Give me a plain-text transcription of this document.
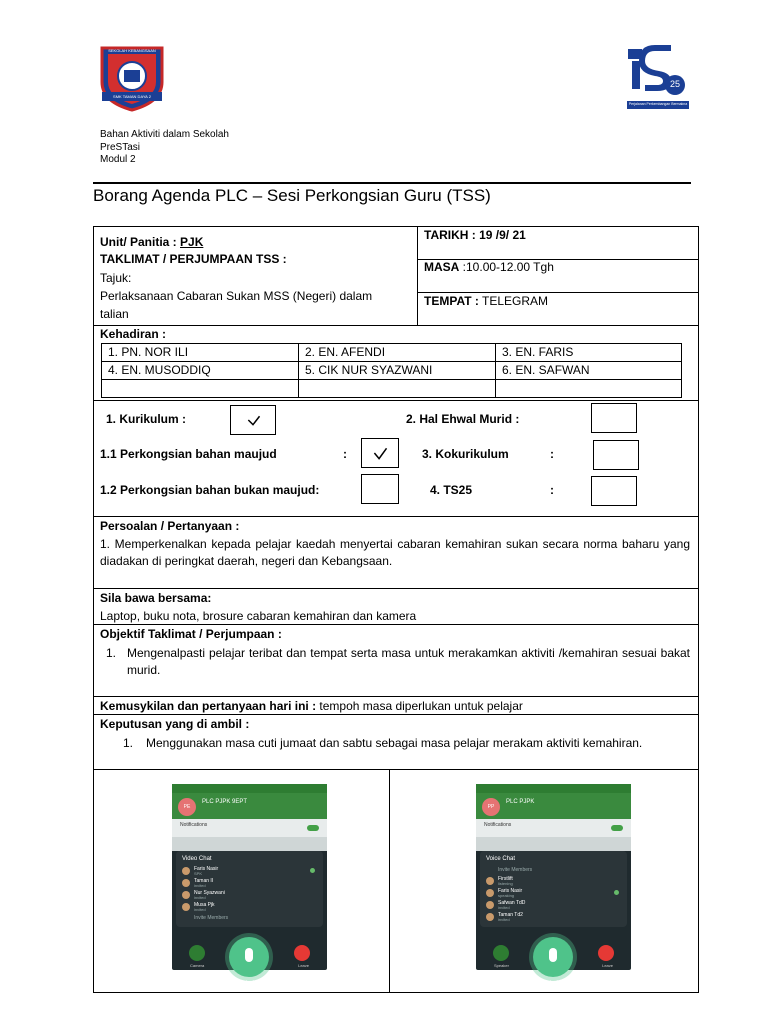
SEKOLAH KEBANGSAAN
SMK TAMAN DAYA 2
25
Perjalanan Perkembangan Bermakna
Bahan Aktiviti dalam Sekolah
PreSTasi
Modul 2
Borang Agenda PLC – Sesi Perkongsian Guru (TSS)
Unit/ Panitia : PJK
TAKLIMAT / PERJUMPAAN TSS :
Tajuk:
Perlaksanaan Cabaran Sukan MSS (Negeri) dalam
talian
TARIKH : 19 /9/ 21
MASA :10.00-12.00 Tgh
TEMPAT : TELEGRAM
Kehadiran :
1. PN. NOR ILI	2. EN. AFENDI	3. EN. FARIS
4. EN. MUSODDIQ	5. CIK NUR SYAZWANI	6. EN. SAFWAN

1. Kurikulum :	2. Hal Ehwal Murid :
1.1 Perkongsian bahan maujud	:	3. Kokurikulum	:
1.2 Perkongsian bahan bukan maujud:	4. TS25	:
Persoalan / Pertanyaan :
1. Memperkenalkan kepada pelajar kaedah menyertai cabaran kemahiran sukan secara norma baharu yang diadakan di peringkat daerah, negeri dan Kebangsaan.
Sila bawa bersama:
Laptop, buku nota, brosure cabaran kemahiran dan kamera
Objektif Taklimat / Perjumpaan :
1. Mengenalpasti pelajar teribat dan tempat serta masa untuk merakamkan aktiviti /kemahiran sesuai bakat murid.
Kemusykilan dan pertanyaan hari ini : tempoh masa diperlukan untuk pelajar
Keputusan yang di ambil :
1. Menggunakan masa cuti jumaat dan sabtu sebagai masa pelajar merakam aktiviti kemahiran.
PE
PLC PJPK 9EPT
Notifications
Video Chat
Faris Nasir
SPK
Taman II
invited
Nur Syazwani
invited
Musa Pjk
invited
Invite Members
Camera	Leave
You're Live
PP
PLC PJPK
Notifications
Voice Chat
Invite Members
Firstlift
listening
Faris Nasir
speaking
Safwan TdD
invited
Taman Td2
invited
Speaker	Leave
You're Live
